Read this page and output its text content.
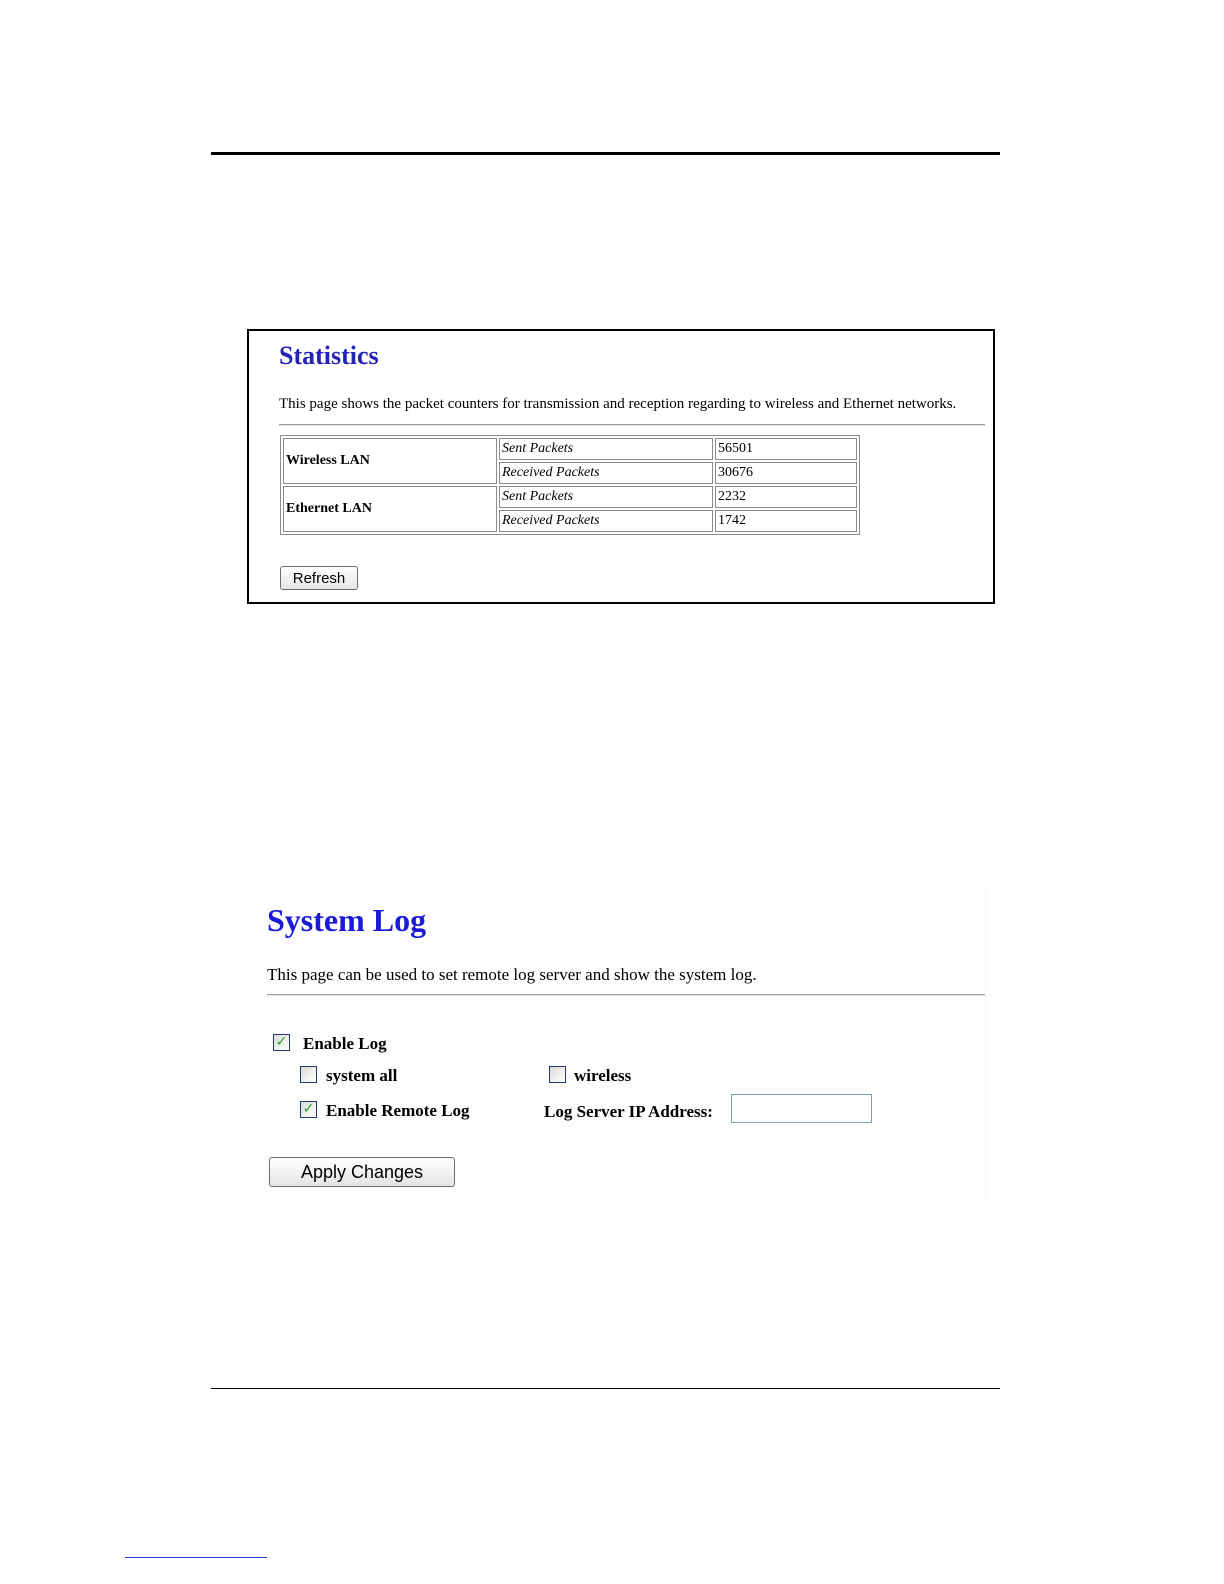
Statistics

This page shows the packet counters for transmission and reception regarding to wireless and Ethernet networks.

Wireless LAN	Sent Packets	56501
	Received Packets	30676
Ethernet LAN	Sent Packets	2232
	Received Packets	1742
Refresh
System Log

This page can be used to set remote log server and show the system log.

✓ Enable Log
system all	wireless
✓ Enable Remote Log	Log Server IP Address:
Apply Changes
